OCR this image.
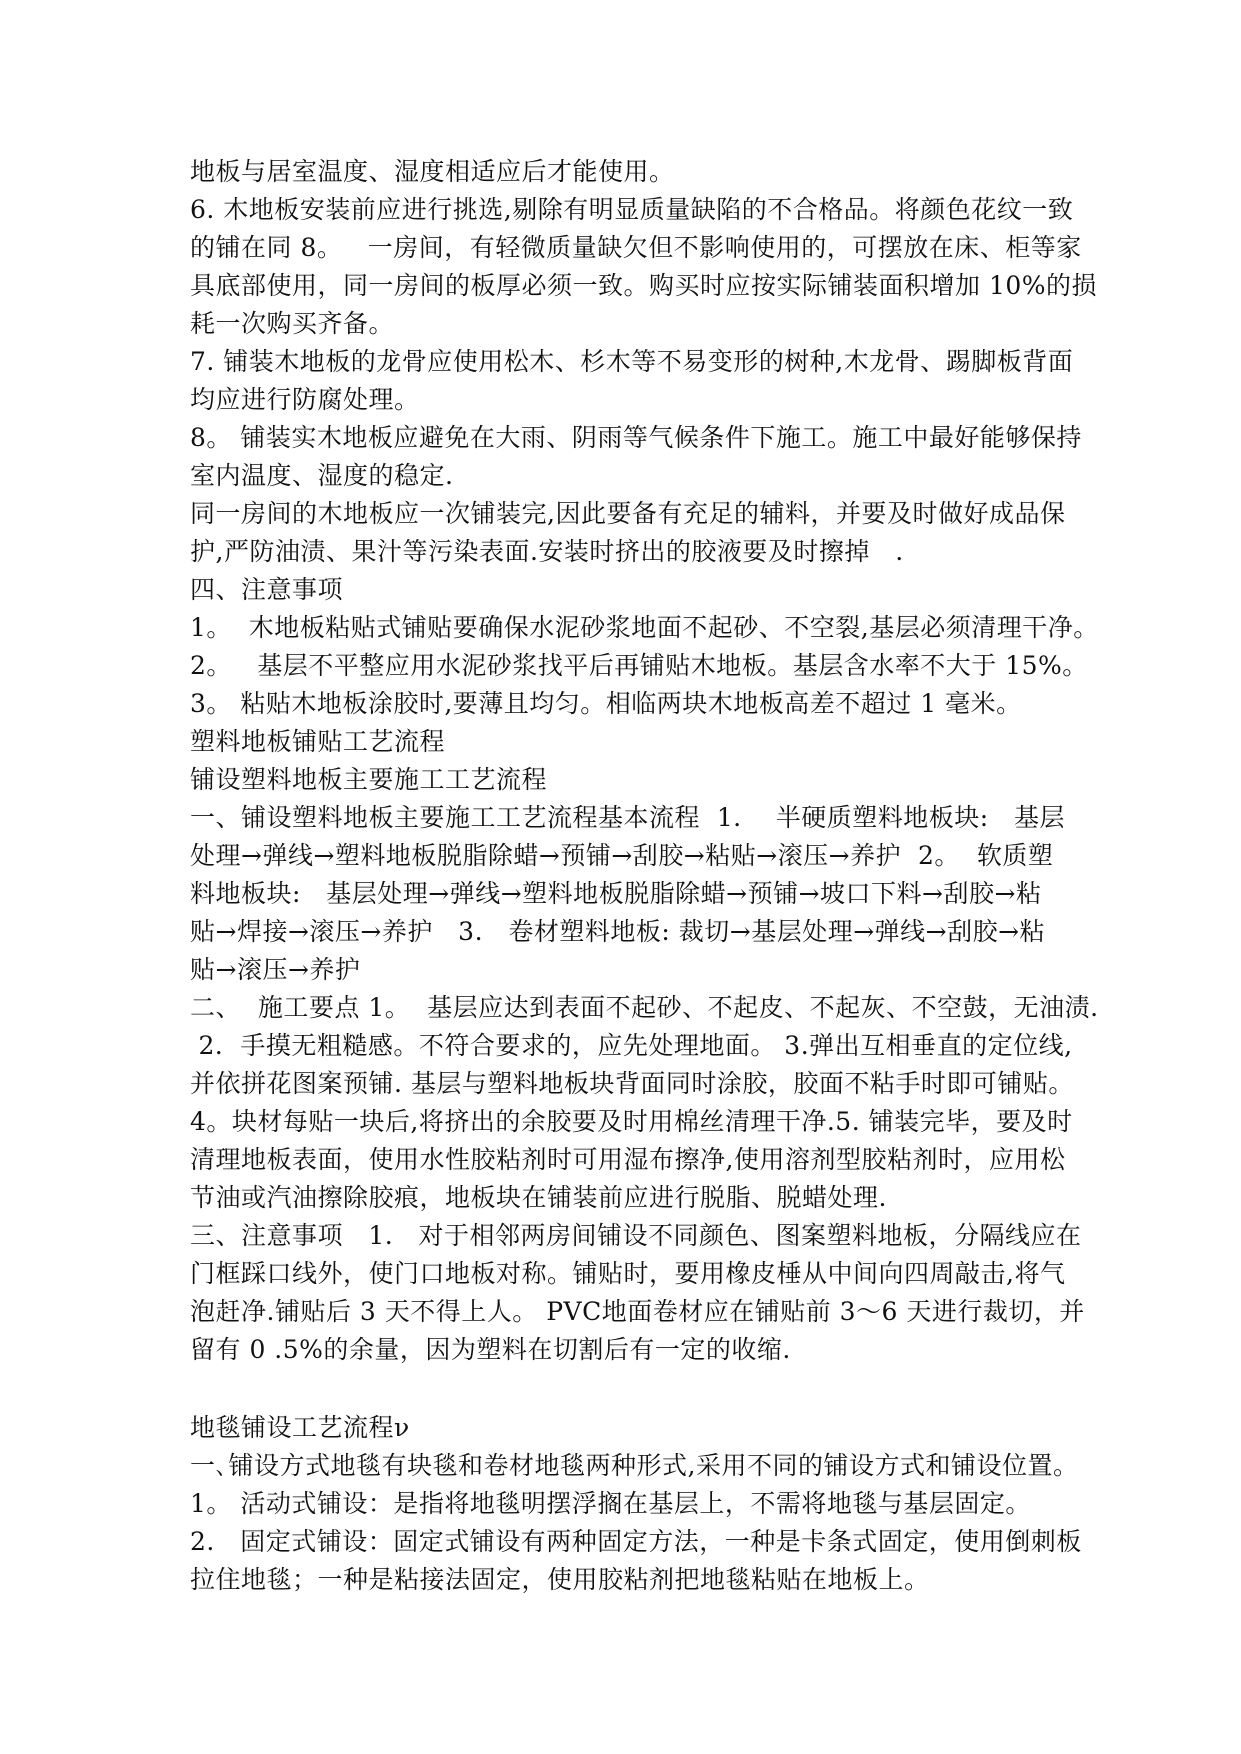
地板与居室温度、湿度相适应后才能使用。
6. 木地板安装前应进行挑选,剔除有明显质量缺陷的不合格品。将颜色花纹一致
的铺在同 8。   一房间，有轻微质量缺欠但不影响使用的，可摆放在床、柜等家
具底部使用，同一房间的板厚必须一致。购买时应按实际铺装面积增加 10%的损
耗一次购买齐备。
7. 铺装木地板的龙骨应使用松木、杉木等不易变形的树种,木龙骨、踢脚板背面
均应进行防腐处理。
8。 铺装实木地板应避免在大雨、阴雨等气候条件下施工。施工中最好能够保持
室内温度、湿度的稳定.
同一房间的木地板应一次铺装完,因此要备有充足的辅料，并要及时做好成品保
护,严防油渍、果汁等污染表面.安装时挤出的胶液要及时擦掉   .
四、注意事项
1。  木地板粘贴式铺贴要确保水泥砂浆地面不起砂、不空裂,基层必须清理干净。
2。   基层不平整应用水泥砂浆找平后再铺贴木地板。基层含水率不大于 15%。
3。 粘贴木地板涂胶时,要薄且均匀。相临两块木地板高差不超过 1 毫米。
塑料地板铺贴工艺流程
铺设塑料地板主要施工工艺流程
一、铺设塑料地板主要施工工艺流程基本流程  1．  半硬质塑料地板块:   基层
处理→弹线→塑料地板脱脂除蜡→预铺→刮胶→粘贴→滚压→养护  2。  软质塑
料地板块:   基层处理→弹线→塑料地板脱脂除蜡→预铺→坡口下料→刮胶→粘
贴→焊接→滚压→养护   3.   卷材塑料地板: 裁切→基层处理→弹线→刮胶→粘
贴→滚压→养护
二、  施工要点 1。  基层应达到表面不起砂、不起皮、不起灰、不空鼓，无油渍.
2．手摸无粗糙感。不符合要求的，应先处理地面。 3.弹出互相垂直的定位线,
并依拼花图案预铺. 基层与塑料地板块背面同时涂胶，胶面不粘手时即可铺贴。
4。块材每贴一块后,将挤出的余胶要及时用棉丝清理干净.5. 铺装完毕，要及时
清理地板表面，使用水性胶粘剂时可用湿布擦净,使用溶剂型胶粘剂时，应用松
节油或汽油擦除胶痕，地板块在铺装前应进行脱脂、脱蜡处理.
三、注意事项   1.   对于相邻两房间铺设不同颜色、图案塑料地板，分隔线应在
门框踩口线外，使门口地板对称。铺贴时，要用橡皮棰从中间向四周敲击,将气
泡赶净.铺贴后 3 天不得上人。 PVC地面卷材应在铺贴前 3～6 天进行裁切，并
留有 0 .5%的余量，因为塑料在切割后有一定的收缩.
地毯铺设工艺流程ν
一､铺设方式地毯有块毯和卷材地毯两种形式,采用不同的铺设方式和铺设位置。
1。 活动式铺设：是指将地毯明摆浮搁在基层上，不需将地毯与基层固定。
2.   固定式铺设：固定式铺设有两种固定方法，一种是卡条式固定，使用倒刺板
拉住地毯；一种是粘接法固定，使用胶粘剂把地毯粘贴在地板上。
